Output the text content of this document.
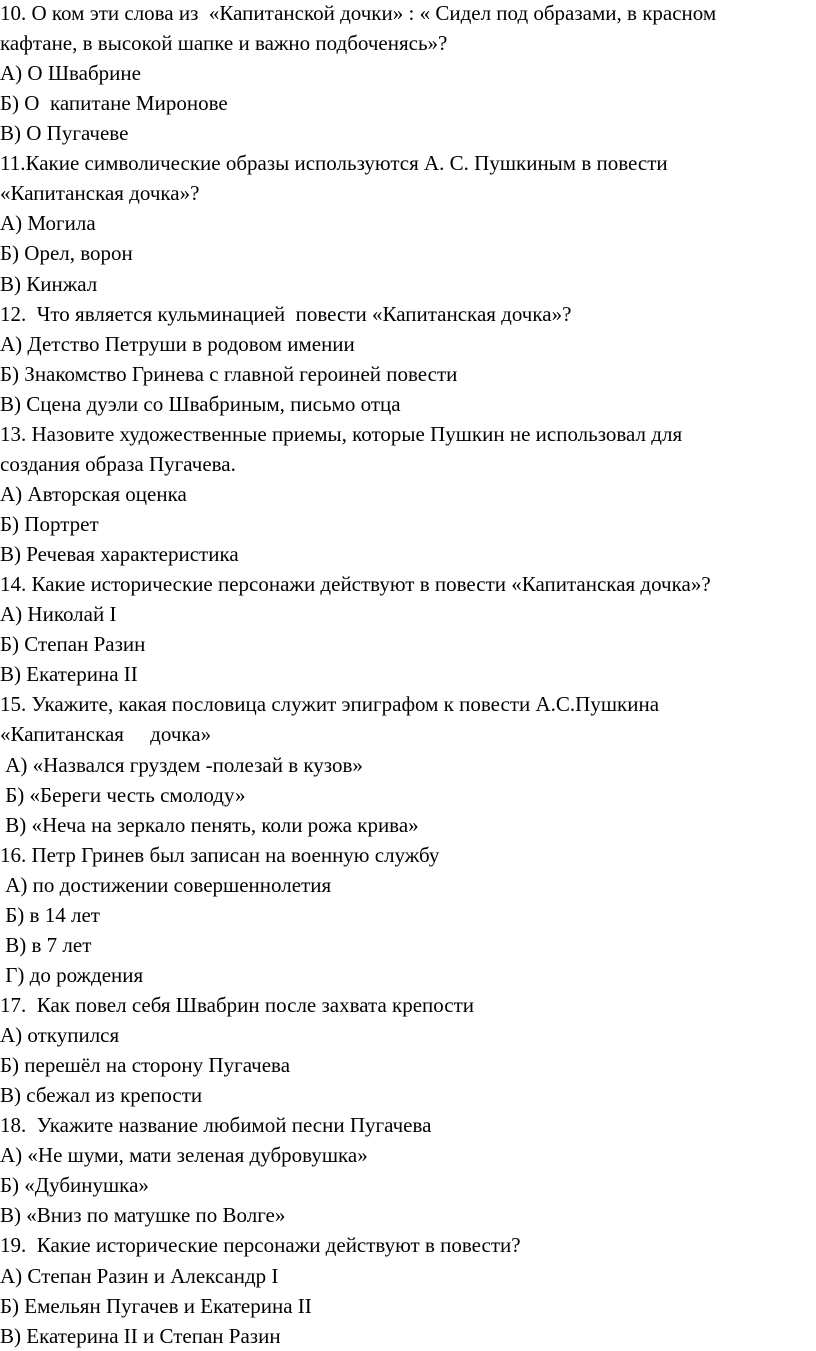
10. О ком эти слова из  «Капитанской дочки» : « Сидел под образами, в красном
кафтане, в высокой шапке и важно подбоченясь»?
А) О Швабрине
Б) О  капитане Миронове
В) О Пугачеве
11.Какие символические образы используются А. С. Пушкиным в повести
«Капитанская дочка»?
А) Могила
Б) Орел, ворон
В) Кинжал
12.  Что является кульминацией  повести «Капитанская дочка»?
А) Детство Петруши в родовом имении
Б) Знакомство Гринева с главной героиней повести
В) Сцена дуэли со Швабриным, письмо отца
13. Назовите художественные приемы, которые Пушкин не использовал для
создания образа Пугачева.
А) Авторская оценка
Б) Портрет
В) Речевая характеристика
14. Какие исторические персонажи действуют в повести «Капитанская дочка»?
А) Николай I
Б) Степан Разин
В) Екатерина II
15. Укажите, какая пословица служит эпиграфом к повести А.С.Пушкина
«Капитанская     дочка»
А) «Назвался груздем -полезай в кузов»
Б) «Береги честь смолоду»
В) «Неча на зеркало пенять, коли рожа крива»
16. Петр Гринев был записан на военную службу
А) по достижении совершеннолетия
Б) в 14 лет
В) в 7 лет
Г) до рождения
17.  Как повел себя Швабрин после захвата крепости
А) откупился
Б) перешёл на сторону Пугачева
В) сбежал из крепости
18.  Укажите название любимой песни Пугачева
А) «Не шуми, мати зеленая дубровушка»
Б) «Дубинушка»
В) «Вниз по матушке по Волге»
19.  Какие исторические персонажи действуют в повести?
А) Степан Разин и Александр I
Б) Емельян Пугачев и Екатерина II
В) Екатерина II и Степан Разин
